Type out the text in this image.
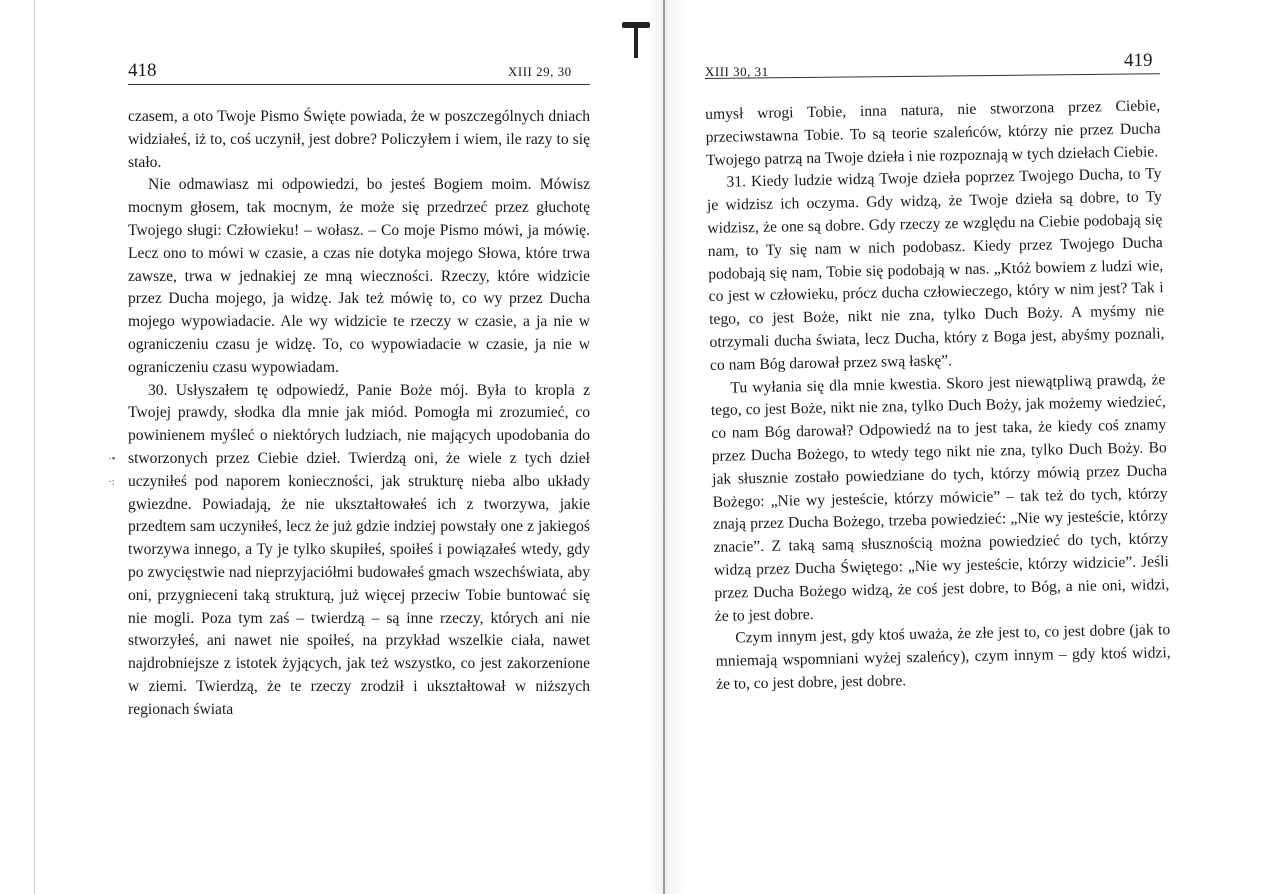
418	XIII 29, 30
·•
·:

czasem, a oto Twoje Pismo Święte powiada, że w poszczególnych dniach widziałeś, iż to, coś uczynił, jest dobre? Policzyłem i wiem, ile razy to się stało.

Nie odmawiasz mi odpowiedzi, bo jesteś Bogiem moim. Mówisz mocnym głosem, tak mocnym, że może się przedrzeć przez głuchotę Twojego sługi: Człowieku! – wołasz. – Co moje Pismo mówi, ja mówię. Lecz ono to mówi w czasie, a czas nie dotyka mojego Słowa, które trwa zawsze, trwa w jednakiej ze mną wieczności. Rzeczy, które widzicie przez Ducha mojego, ja widzę. Jak też mówię to, co wy przez Ducha mojego wypowiadacie. Ale wy widzicie te rzeczy w czasie, a ja nie w ograniczeniu czasu je widzę. To, co wypowiadacie w czasie, ja nie w ograniczeniu czasu wypowiadam.

30. Usłyszałem tę odpowiedź, Panie Boże mój. Była to kropla z Twojej prawdy, słodka dla mnie jak miód. Pomogła mi zrozumieć, co powinienem myśleć o niektórych ludziach, nie mających upodobania do stworzonych przez Ciebie dzieł. Twierdzą oni, że wiele z tych dzieł uczyniłeś pod naporem konieczności, jak strukturę nieba albo układy gwiezdne. Powiadają, że nie ukształtowałeś ich z tworzywa, jakie przedtem sam uczyniłeś, lecz że już gdzie indziej powstały one z jakiegoś tworzywa innego, a Ty je tylko skupiłeś, spoiłeś i powiązałeś wtedy, gdy po zwycięstwie nad nieprzyjaciółmi budowałeś gmach wszechświata, aby oni, przygnieceni taką strukturą, już więcej przeciw Tobie buntować się nie mogli. Poza tym zaś – twierdzą – są inne rzeczy, których ani nie stworzyłeś, ani nawet nie spoiłeś, na przykład wszelkie ciała, nawet najdrobniejsze z istotek żyjących, jak też wszystko, co jest zakorzenione w ziemi. Twierdzą, że te rzeczy zrodził i ukształtował w niższych regionach świata

XIII 30, 31
419

umysł wrogi Tobie, inna natura, nie stworzona przez Ciebie, przeciwstawna Tobie. To są teorie szaleńców, którzy nie przez Ducha Twojego patrzą na Twoje dzieła i nie rozpoznają w tych dziełach Ciebie.

31. Kiedy ludzie widzą Twoje dzieła poprzez Twojego Ducha, to Ty je widzisz ich oczyma. Gdy widzą, że Twoje dzieła są dobre, to Ty widzisz, że one są dobre. Gdy rzeczy ze względu na Ciebie podobają się nam, to Ty się nam w nich podobasz. Kiedy przez Twojego Ducha podobają się nam, Tobie się podobają w nas. „Któż bowiem z ludzi wie, co jest w człowieku, prócz ducha człowieczego, który w nim jest? Tak i tego, co jest Boże, nikt nie zna, tylko Duch Boży. A myśmy nie otrzymali ducha świata, lecz Ducha, który z Boga jest, abyśmy poznali, co nam Bóg darował przez swą łaskę”.

Tu wyłania się dla mnie kwestia. Skoro jest niewątpliwą prawdą, że tego, co jest Boże, nikt nie zna, tylko Duch Boży, jak możemy wiedzieć, co nam Bóg darował? Odpowiedź na to jest taka, że kiedy coś znamy przez Ducha Bożego, to wtedy tego nikt nie zna, tylko Duch Boży. Bo jak słusznie zostało powiedziane do tych, którzy mówią przez Ducha Bożego: „Nie wy jesteście, którzy mówicie” – tak też do tych, którzy znają przez Ducha Bożego, trzeba powiedzieć: „Nie wy jesteście, którzy znacie”. Z taką samą słusznością można powiedzieć do tych, którzy widzą przez Ducha Świętego: „Nie wy jesteście, którzy widzicie”. Jeśli przez Ducha Bożego widzą, że coś jest dobre, to Bóg, a nie oni, widzi, że to jest dobre.

Czym innym jest, gdy ktoś uważa, że złe jest to, co jest dobre (jak to mniemają wspomniani wyżej szaleńcy), czym innym – gdy ktoś widzi, że to, co jest dobre, jest dobre.
